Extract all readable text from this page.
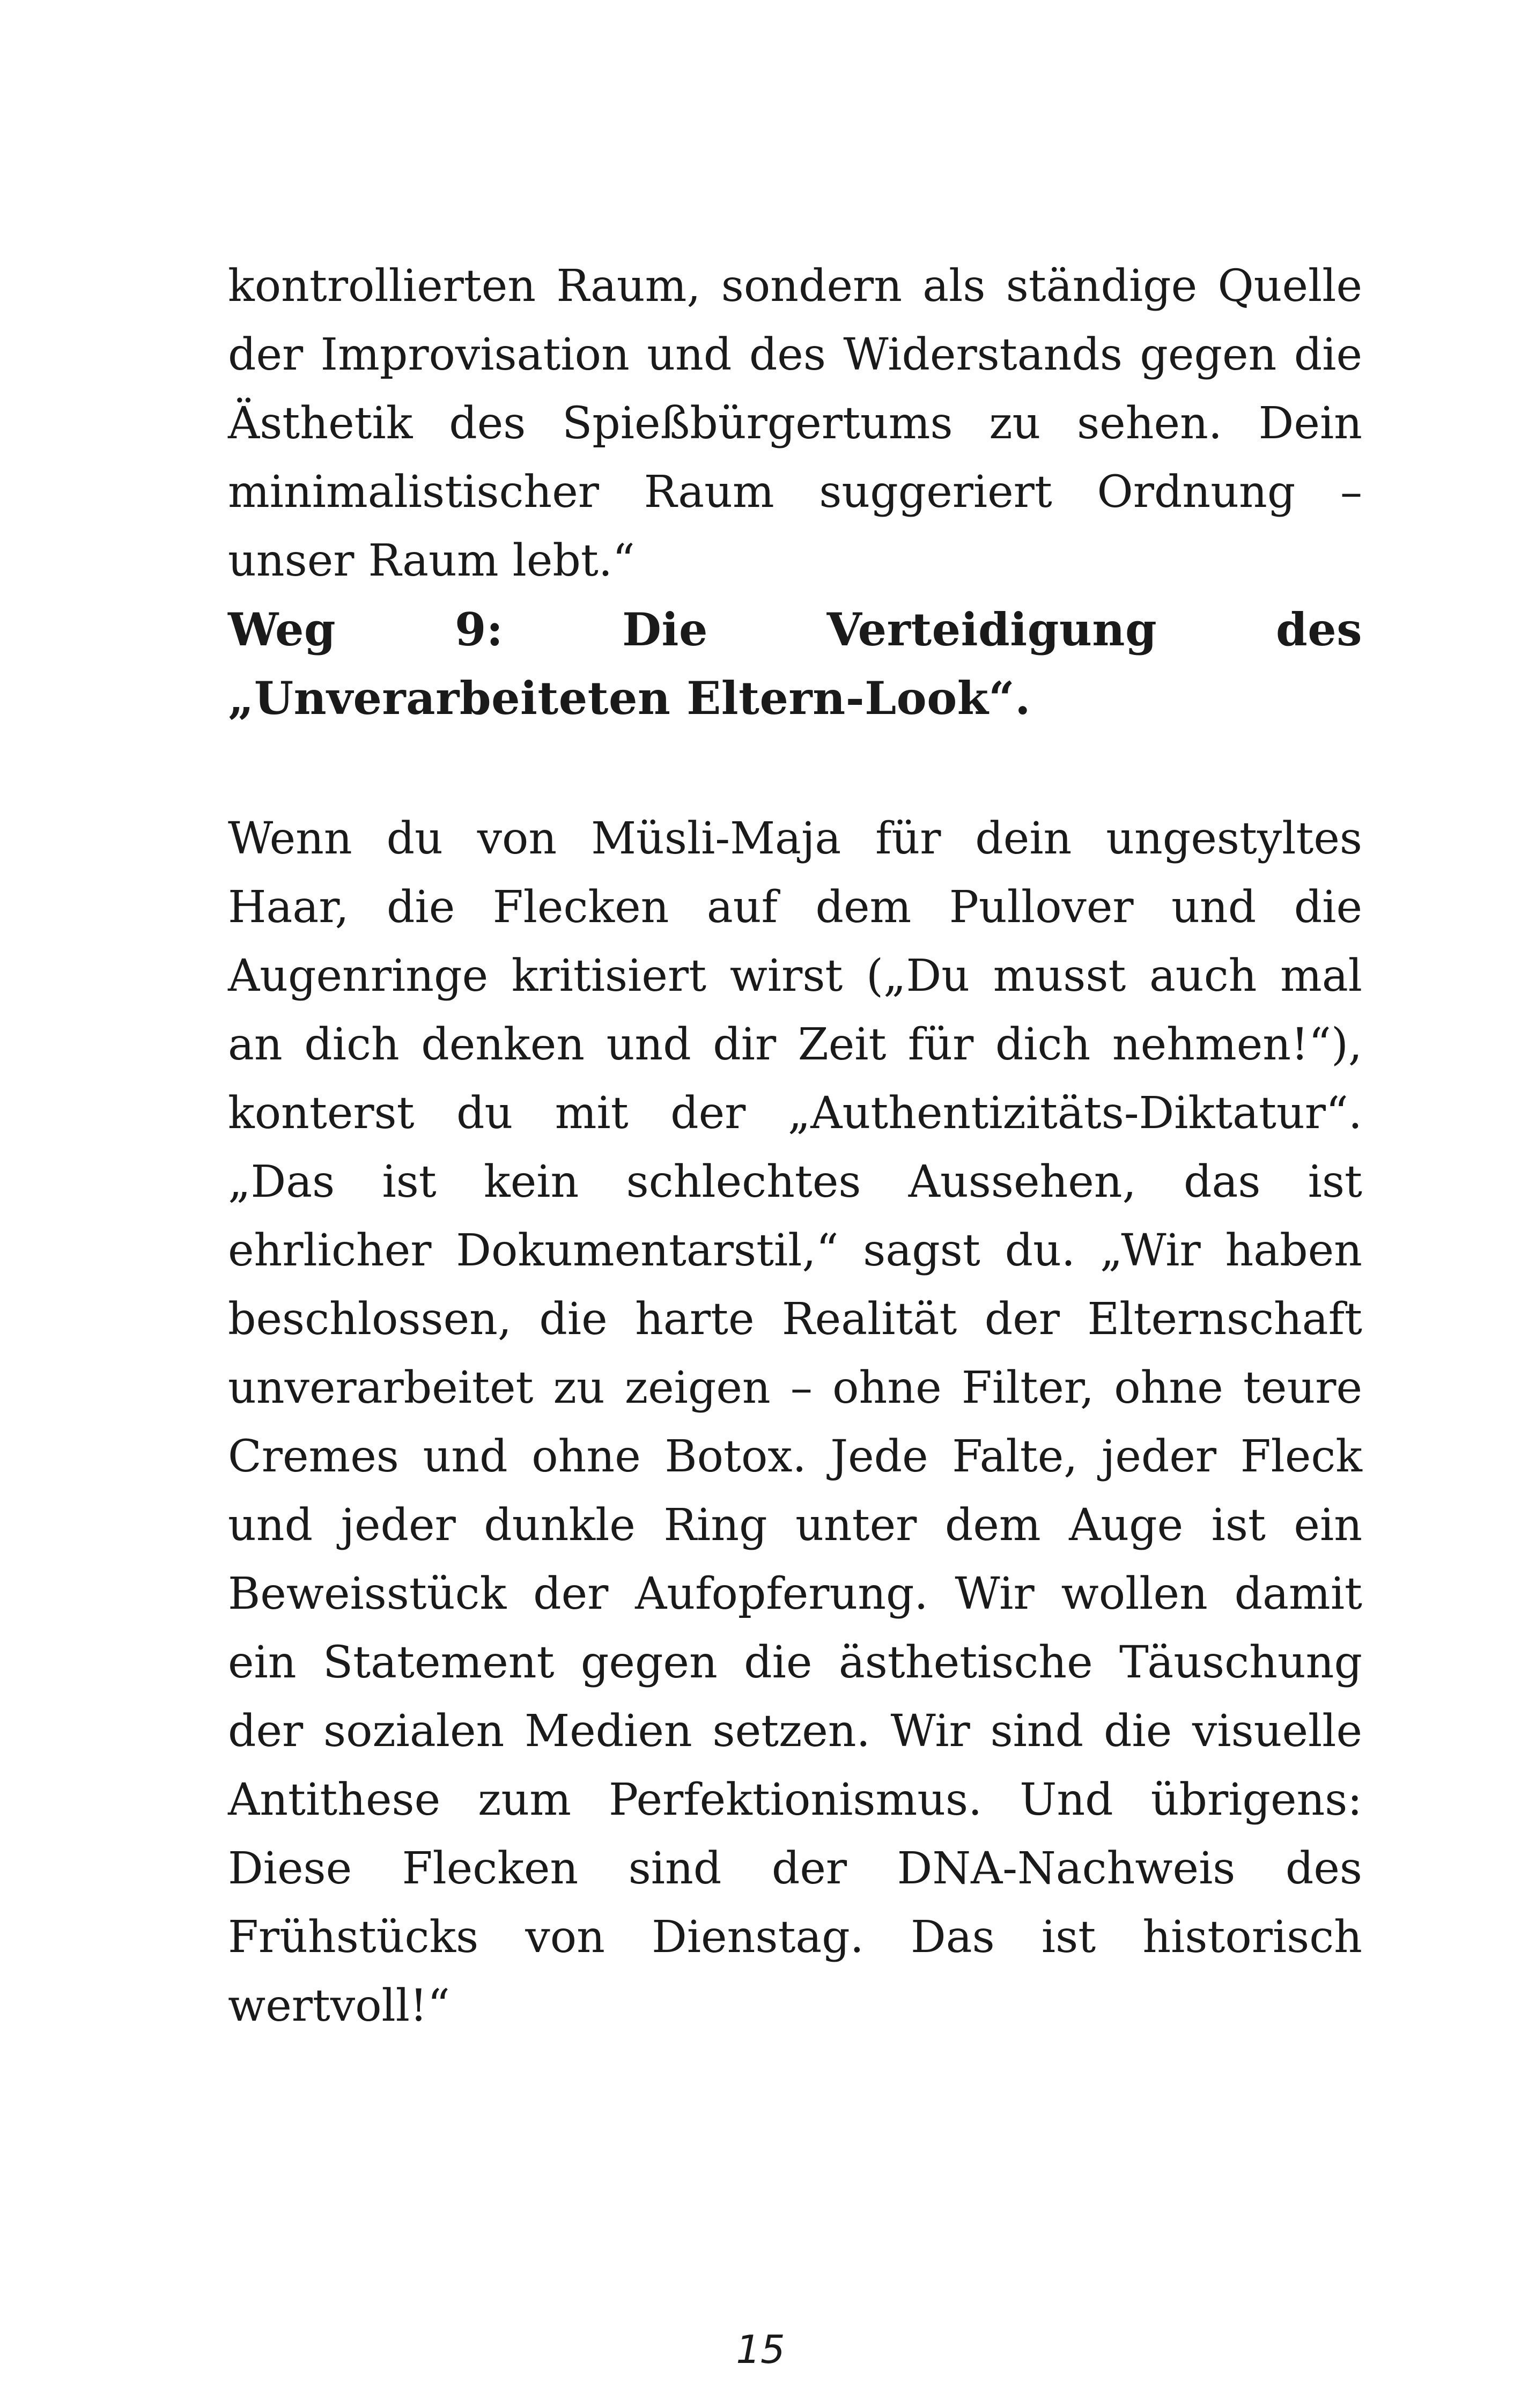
kontrollierten Raum, sondern als ständige Quelle der Improvisation und des Widerstands gegen die Ästhetik des Spießbürgertums zu sehen. Dein minimalistischer Raum suggeriert Ordnung – unser Raum lebt.“

Weg 9: Die Verteidigung des „Unverarbeiteten Eltern-Look“.

Wenn du von Müsli-Maja für dein ungestyltes Haar, die Flecken auf dem Pullover und die Augenringe kritisiert wirst („Du musst auch mal an dich denken und dir Zeit für dich nehmen!“), konterst du mit der „Authentizitäts-Diktatur“. „Das ist kein schlechtes Aussehen, das ist ehrlicher Dokumentarstil,“ sagst du. „Wir haben beschlossen, die harte Realität der Elternschaft unverarbeitet zu zeigen – ohne Filter, ohne teure Cremes und ohne Botox. Jede Falte, jeder Fleck und jeder dunkle Ring unter dem Auge ist ein Beweisstück der Aufopferung. Wir wollen damit ein Statement gegen die ästhetische Täuschung der sozialen Medien setzen. Wir sind die visuelle Antithese zum Perfektionismus. Und übrigens: Diese Flecken sind der DNA-Nachweis des Frühstücks von Dienstag. Das ist historisch wertvoll!“

15
